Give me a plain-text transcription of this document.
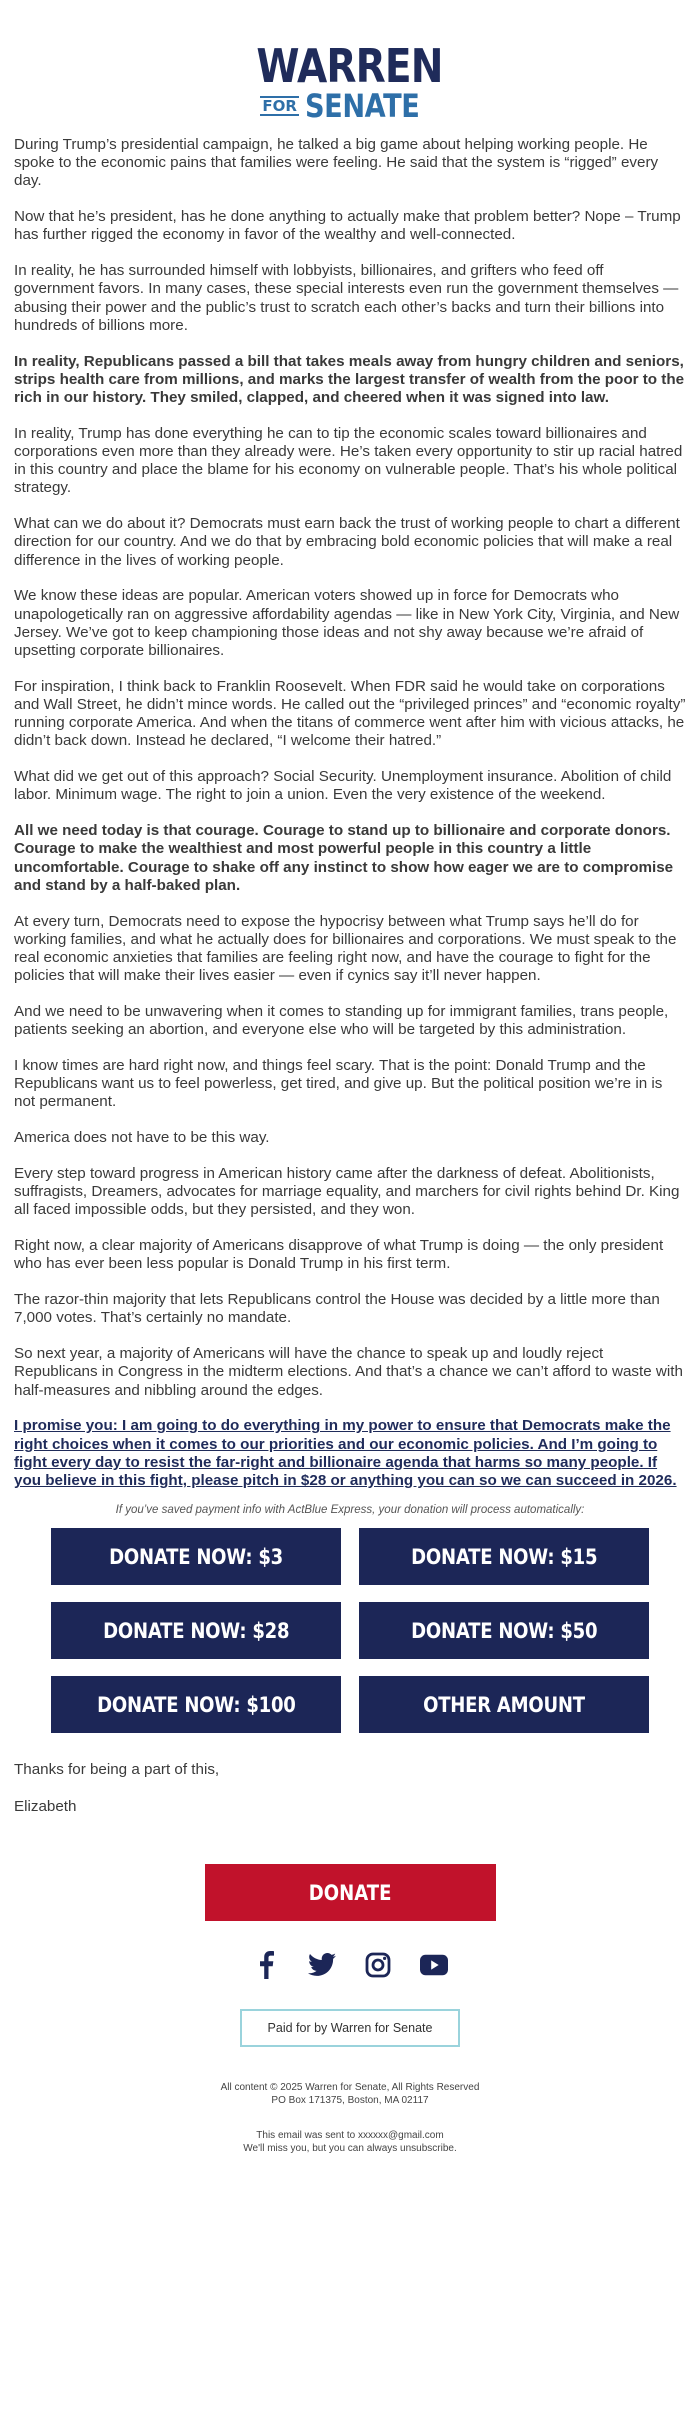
WARREN
FOR SENATE

During Trump’s presidential campaign, he talked a big game about helping working people. He spoke to the economic pains that families were feeling. He said that the system is “rigged” every day.

Now that he’s president, has he done anything to actually make that problem better? Nope – Trump has further rigged the economy in favor of the wealthy and well-connected.

In reality, he has surrounded himself with lobbyists, billionaires, and grifters who feed off government favors. In many cases, these special interests even run the government themselves — abusing their power and the public’s trust to scratch each other’s backs and turn their billions into hundreds of billions more.

In reality, Republicans passed a bill that takes meals away from hungry children and seniors, strips health care from millions, and marks the largest transfer of wealth from the poor to the rich in our history. They smiled, clapped, and cheered when it was signed into law.

In reality, Trump has done everything he can to tip the economic scales toward billionaires and corporations even more than they already were. He’s taken every opportunity to stir up racial hatred in this country and place the blame for his economy on vulnerable people. That’s his whole political strategy.

What can we do about it? Democrats must earn back the trust of working people to chart a different direction for our country. And we do that by embracing bold economic policies that will make a real difference in the lives of working people.

We know these ideas are popular. American voters showed up in force for Democrats who unapologetically ran on aggressive affordability agendas — like in New York City, Virginia, and New Jersey. We’ve got to keep championing those ideas and not shy away because we’re afraid of upsetting corporate billionaires.

For inspiration, I think back to Franklin Roosevelt. When FDR said he would take on corporations and Wall Street, he didn’t mince words. He called out the “privileged princes” and “economic royalty” running corporate America. And when the titans of commerce went after him with vicious attacks, he didn’t back down. Instead he declared, “I welcome their hatred.”

What did we get out of this approach? Social Security. Unemployment insurance. Abolition of child labor. Minimum wage. The right to join a union. Even the very existence of the weekend.

All we need today is that courage. Courage to stand up to billionaire and corporate donors. Courage to make the wealthiest and most powerful people in this country a little uncomfortable. Courage to shake off any instinct to show how eager we are to compromise and stand by a half-baked plan.

At every turn, Democrats need to expose the hypocrisy between what Trump says he’ll do for working families, and what he actually does for billionaires and corporations. We must speak to the real economic anxieties that families are feeling right now, and have the courage to fight for the policies that will make their lives easier — even if cynics say it’ll never happen.

And we need to be unwavering when it comes to standing up for immigrant families, trans people, patients seeking an abortion, and everyone else who will be targeted by this administration.

I know times are hard right now, and things feel scary. That is the point: Donald Trump and the Republicans want us to feel powerless, get tired, and give up. But the political position we’re in is not permanent.

America does not have to be this way.

Every step toward progress in American history came after the darkness of defeat. Abolitionists, suffragists, Dreamers, advocates for marriage equality, and marchers for civil rights behind Dr. King all faced impossible odds, but they persisted, and they won.

Right now, a clear majority of Americans disapprove of what Trump is doing — the only president who has ever been less popular is Donald Trump in his first term.

The razor-thin majority that lets Republicans control the House was decided by a little more than 7,000 votes. That’s certainly no mandate.

So next year, a majority of Americans will have the chance to speak up and loudly reject Republicans in Congress in the midterm elections. And that’s a chance we can’t afford to waste with half-measures and nibbling around the edges.

I promise you: I am going to do everything in my power to ensure that Democrats make the right choices when it comes to our priorities and our economic policies. And I’m going to fight every day to resist the far-right and billionaire agenda that harms so many people. If you believe in this fight, please pitch in $28 or anything you can so we can succeed in 2026.

If you’ve saved payment info with ActBlue Express, your donation will process automatically:
DONATE NOW: $3	DONATE NOW: $15
DONATE NOW: $28	DONATE NOW: $50
DONATE NOW: $100	OTHER AMOUNT

Thanks for being a part of this,

Elizabeth

DONATE
Paid for by Warren for Senate
All content © 2025 Warren for Senate, All Rights Reserved
PO Box 171375, Boston, MA 02117
This email was sent to xxxxxx@gmail.com
We'll miss you, but you can always unsubscribe.
